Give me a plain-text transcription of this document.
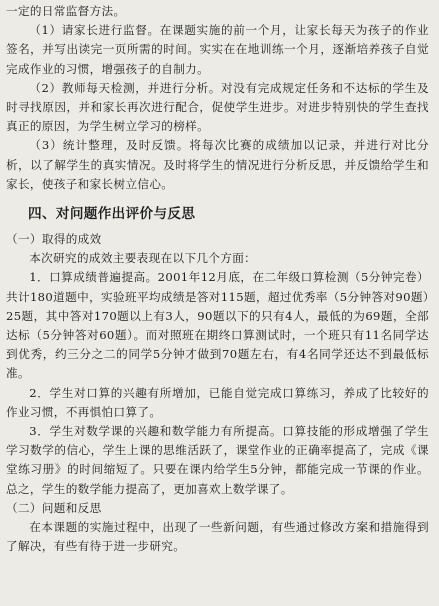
一定的日常监督方法。

（1）请家长进行监督。在课题实施的前一个月，让家长每天为孩子的作业签名，并写出读完一页所需的时间。实实在在地训练一个月，逐渐培养孩子自觉完成作业的习惯，增强孩子的自制力。

（2）教师每天检测，并进行分析。对没有完成规定任务和不达标的学生及时寻找原因，并和家长再次进行配合，促使学生进步。对进步特别快的学生查找真正的原因，为学生树立学习的榜样。

（3）统计整理，及时反馈。将每次比赛的成绩加以记录，并进行对比分析，以了解学生的真实情况。及时将学生的情况进行分析反思，并反馈给学生和家长，使孩子和家长树立信心。

四、对问题作出评价与反思

（一）取得的成效

本次研究的成效主要表现在以下几个方面：

1．口算成绩普遍提高。2001年12月底，在二年级口算检测（5分钟完卷）共计180道题中，实验班平均成绩是答对115题，超过优秀率（5分钟答对90题）25题，其中答对170题以上有3人，90题以下的只有4人，最低的为69题，全部达标（5分钟答对60题）。而对照班在期终口算测试时，一个班只有11名同学达到优秀，约三分之二的同学5分钟才做到70题左右，有4名同学还达不到最低标准。

2．学生对口算的兴趣有所增加，已能自觉完成口算练习，养成了比较好的作业习惯，不再惧怕口算了。

3．学生对数学课的兴趣和数学能力有所提高。口算技能的形成增强了学生学习数学的信心，学生上课的思维活跃了，课堂作业的正确率提高了，完成《课堂练习册》的时间缩短了。只要在课内给学生5分钟，都能完成一节课的作业。总之，学生的数学能力提高了，更加喜欢上数学课了。

（二）问题和反思

在本课题的实施过程中，出现了一些新问题，有些通过修改方案和措施得到了解决，有些有待于进一步研究。
